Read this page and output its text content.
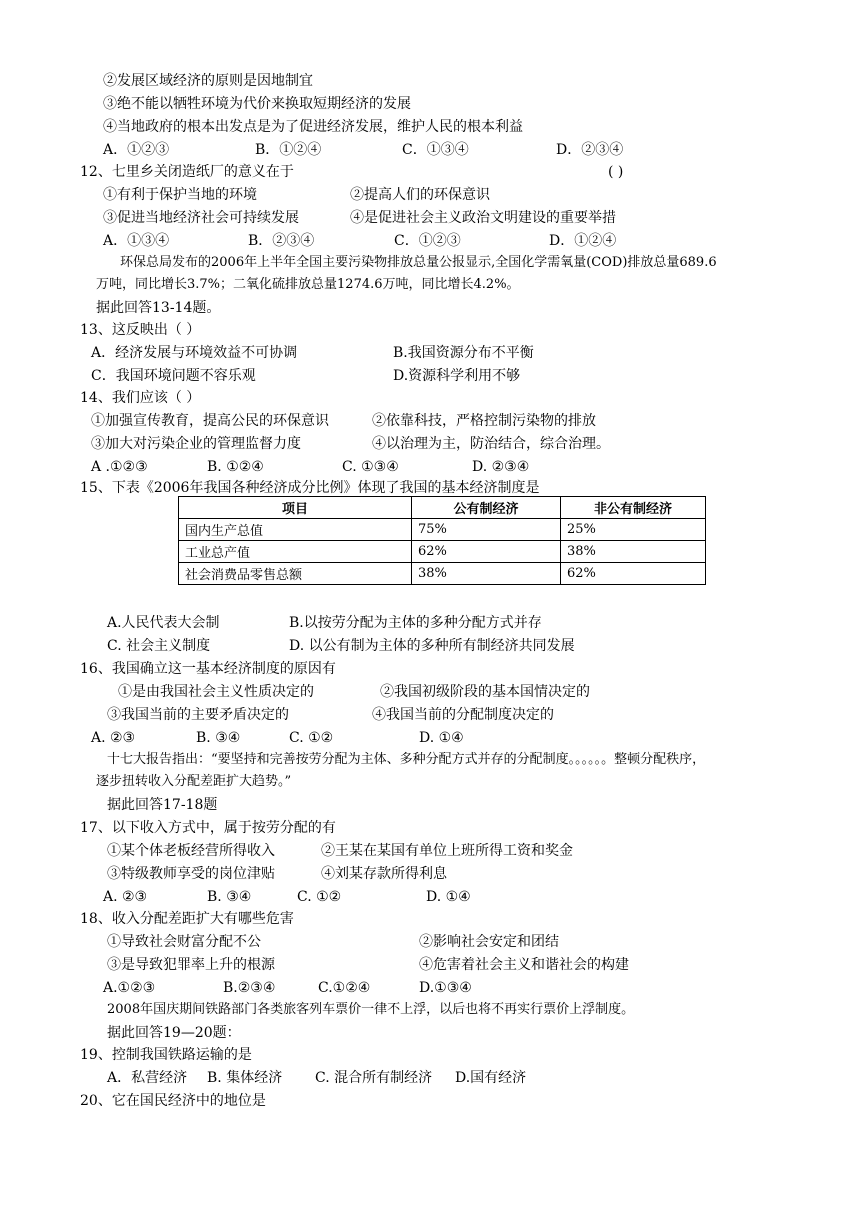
②发展区域经济的原则是因地制宜
③绝不能以牺牲环境为代价来换取短期经济的发展
④当地政府的根本出发点是为了促进经济发展，维护人民的根本利益
A．①②③	B．①②④	C．①③④	D．②③④
12、七里乡关闭造纸厂的意义在于	( )
①有利于保护当地的环境	②提高人们的环保意识
③促进当地经济社会可持续发展	④是促进社会主义政治文明建设的重要举措
A．①③④	B．②③④	C．①②③	D．①②④
环保总局发布的2006年上半年全国主要污染物排放总量公报显示,全国化学需氧量(COD)排放总量689.6
万吨，同比增长3.7%；二氧化硫排放总量1274.6万吨，同比增长4.2%。
据此回答13-14题。
13、这反映出（ ）
A．经济发展与环境效益不可协调	B.我国资源分布不平衡
C．我国环境问题不容乐观	D.资源科学利用不够
14、我们应该（ ）
①加强宣传教育，提高公民的环保意识	②依靠科技，严格控制污染物的排放
③加大对污染企业的管理监督力度	④以治理为主，防治结合，综合治理。
A .①②③	B. ①②④	C. ①③④	D. ②③④
15、下表《2006年我国各种经济成分比例》体现了我国的基本经济制度是
项目	公有制经济	非公有制经济
国内生产总值	75%	25%
工业总产值	62%	38%
社会消费品零售总额	38%	62%
A.人民代表大会制	B.以按劳分配为主体的多种分配方式并存
C. 社会主义制度	D. 以公有制为主体的多种所有制经济共同发展
16、我国确立这一基本经济制度的原因有
①是由我国社会主义性质决定的	②我国初级阶段的基本国情决定的
③我国当前的主要矛盾决定的	④我国当前的分配制度决定的
A. ②③	B. ③④	C. ①②	D. ①④
十七大报告指出：“要坚持和完善按劳分配为主体、多种分配方式并存的分配制度。。。。。。整顿分配秩序，
逐步扭转收入分配差距扩大趋势。”
据此回答17-18题
17、以下收入方式中，属于按劳分配的有
①某个体老板经营所得收入	②王某在某国有单位上班所得工资和奖金
③特级教师享受的岗位津贴	④刘某存款所得利息
A. ②③	B. ③④	C. ①②	D. ①④
18、收入分配差距扩大有哪些危害
①导致社会财富分配不公	②影响社会安定和团结
③是导致犯罪率上升的根源	④危害着社会主义和谐社会的构建
A.①②③	B.②③④	C.①②④	D.①③④
2008年国庆期间铁路部门各类旅客列车票价一律不上浮，以后也将不再实行票价上浮制度。
据此回答19—20题：
19、控制我国铁路运输的是
A．私营经济 B. 集体经济 C. 混合所有制经济 D.国有经济
20、它在国民经济中的地位是
